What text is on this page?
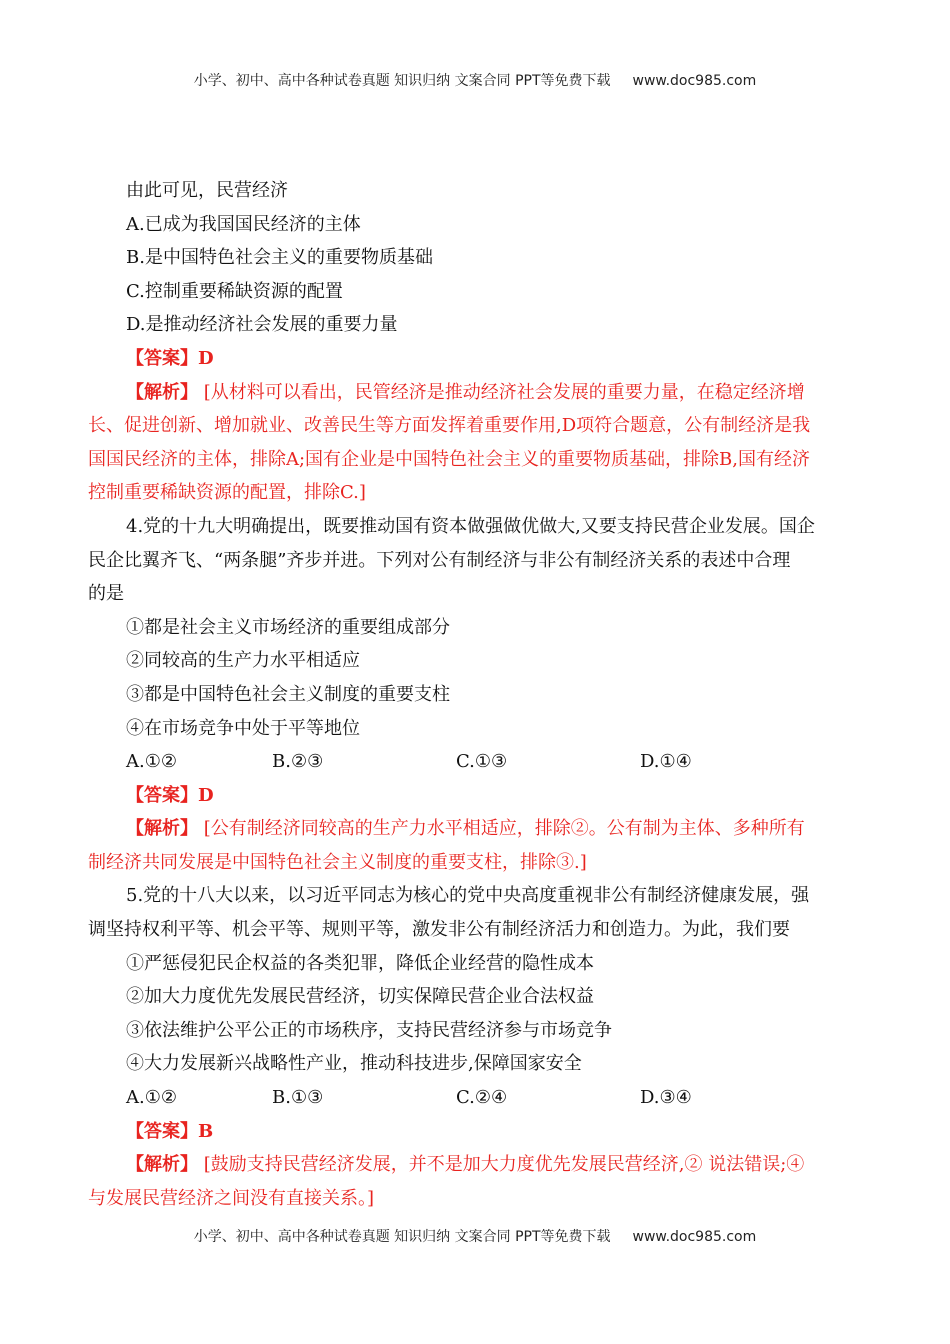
小学、初中、高中各种试卷真题 知识归纳 文案合同 PPT等免费下载 www.doc985.com
由此可见，民营经济
A.已成为我国国民经济的主体
B.是中国特色社会主义的重要物质基础
C.控制重要稀缺资源的配置
D.是推动经济社会发展的重要力量
【答案】D
【解析】 [从材料可以看出，民管经济是推动经济社会发展的重要力量，在稳定经济增
长、促进创新、增加就业、改善民生等方面发挥着重要作用,D项符合题意，公有制经济是我
国国民经济的主体，排除A;国有企业是中国特色社会主义的重要物质基础，排除B,国有经济
控制重要稀缺资源的配置，排除C.]
4.党的十九大明确提出，既要推动国有资本做强做优做大,又要支持民营企业发展。国企
民企比翼齐飞、“两条腿”齐步并进。下列对公有制经济与非公有制经济关系的表述中合理
的是
①都是社会主义市场经济的重要组成部分
②同较高的生产力水平相适应
③都是中国特色社会主义制度的重要支柱
④在市场竞争中处于平等地位
A.①②	B.②③	C.①③	D.①④
【答案】D
【解析】 [公有制经济同较高的生产力水平相适应，排除②。公有制为主体、多种所有
制经济共同发展是中国特色社会主义制度的重要支柱，排除③.]
5.党的十八大以来，以习近平同志为核心的党中央高度重视非公有制经济健康发展，强
调坚持权利平等、机会平等、规则平等，激发非公有制经济活力和创造力。为此，我们要
①严惩侵犯民企权益的各类犯罪，降低企业经营的隐性成本
②加大力度优先发展民营经济，切实保障民营企业合法权益
③依法维护公平公正的市场秩序，支持民营经济参与市场竞争
④大力发展新兴战略性产业，推动科技进步,保障国家安全
A.①②	B.①③	C.②④	D.③④
【答案】B
【解析】 [鼓励支持民营经济发展，并不是加大力度优先发展民营经济,② 说法错误;④
与发展民营经济之间没有直接关系。]
小学、初中、高中各种试卷真题 知识归纳 文案合同 PPT等免费下载 www.doc985.com
